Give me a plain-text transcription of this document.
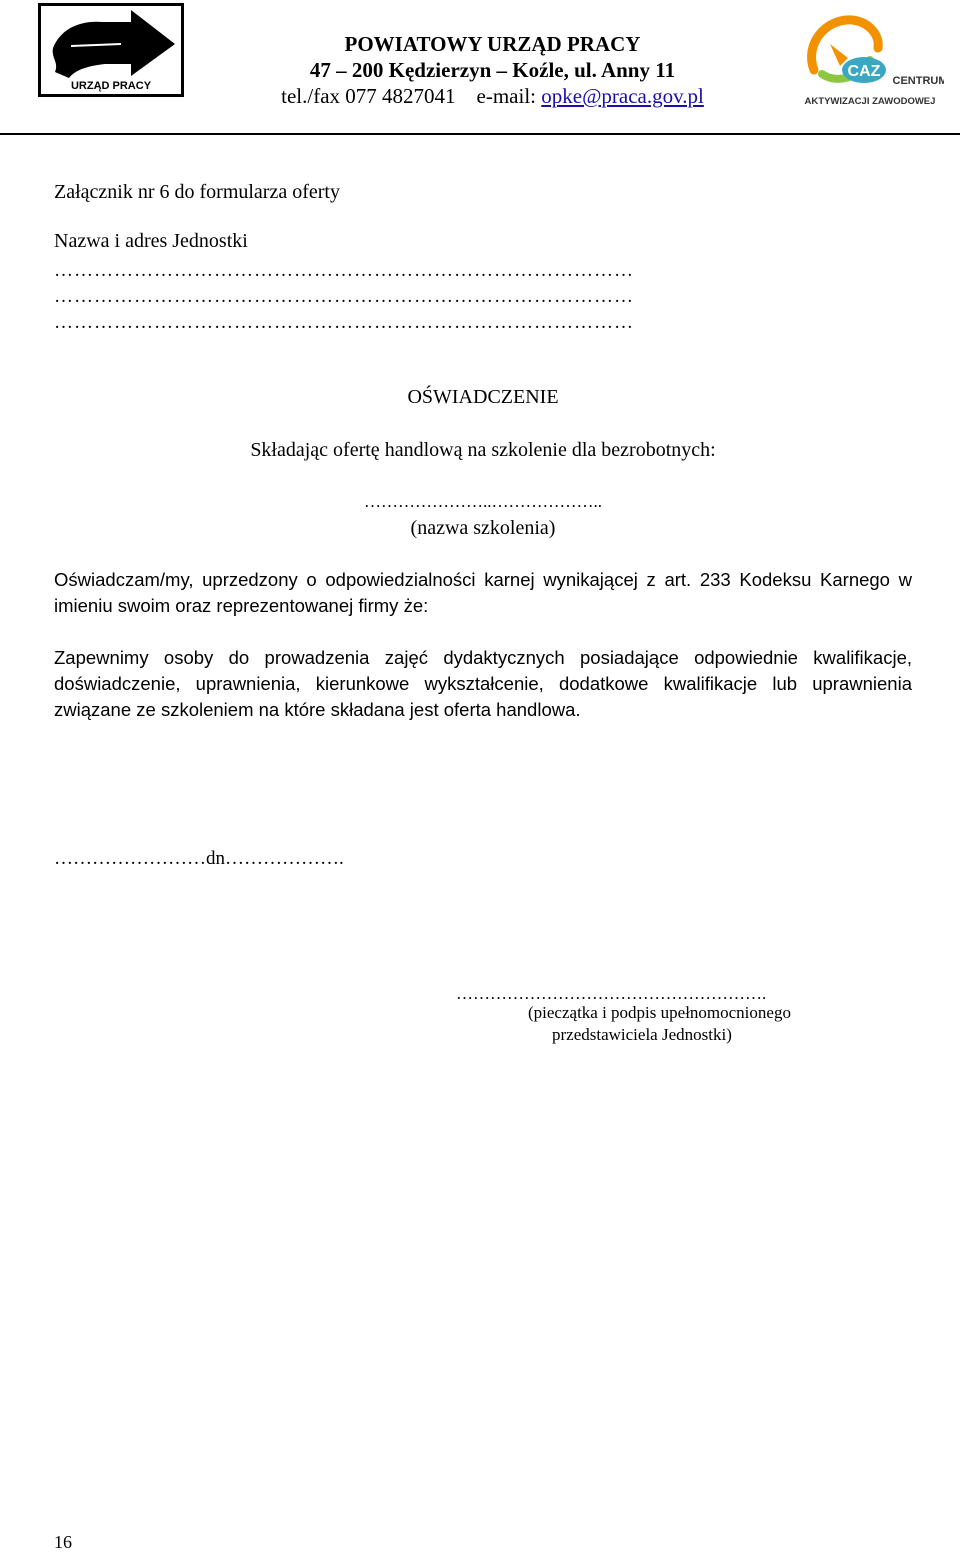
URZĄD PRACY
POWIATOWY URZĄD PRACY
47 – 200 Kędzierzyn – Koźle, ul. Anny 11
tel./fax 077 4827041    e-mail: opke@praca.gov.pl
CAZ
CENTRUM
AKTYWIZACJI ZAWODOWEJ
Załącznik nr 6 do formularza oferty
Nazwa i adres Jednostki
……………………………………………………………………………
……………………………………………………………………………
……………………………………………………………………………
OŚWIADCZENIE
Składając ofertę handlową na szkolenie dla bezrobotnych:
…………………..………………..
(nazwa szkolenia)
Oświadczam/my, uprzedzony o odpowiedzialności karnej wynikającej z art. 233 Kodeksu Karnego w imieniu swoim oraz reprezentowanej firmy że:
Zapewnimy osoby do prowadzenia zajęć dydaktycznych posiadające odpowiednie kwalifikacje, doświadczenie, uprawnienia, kierunkowe wykształcenie, dodatkowe kwalifikacje lub uprawnienia związane ze szkoleniem na które składana jest oferta handlowa.
……………………dn……………….
……………………………………………….
(pieczątka i podpis upełnomocnionego
przedstawiciela Jednostki)
16
